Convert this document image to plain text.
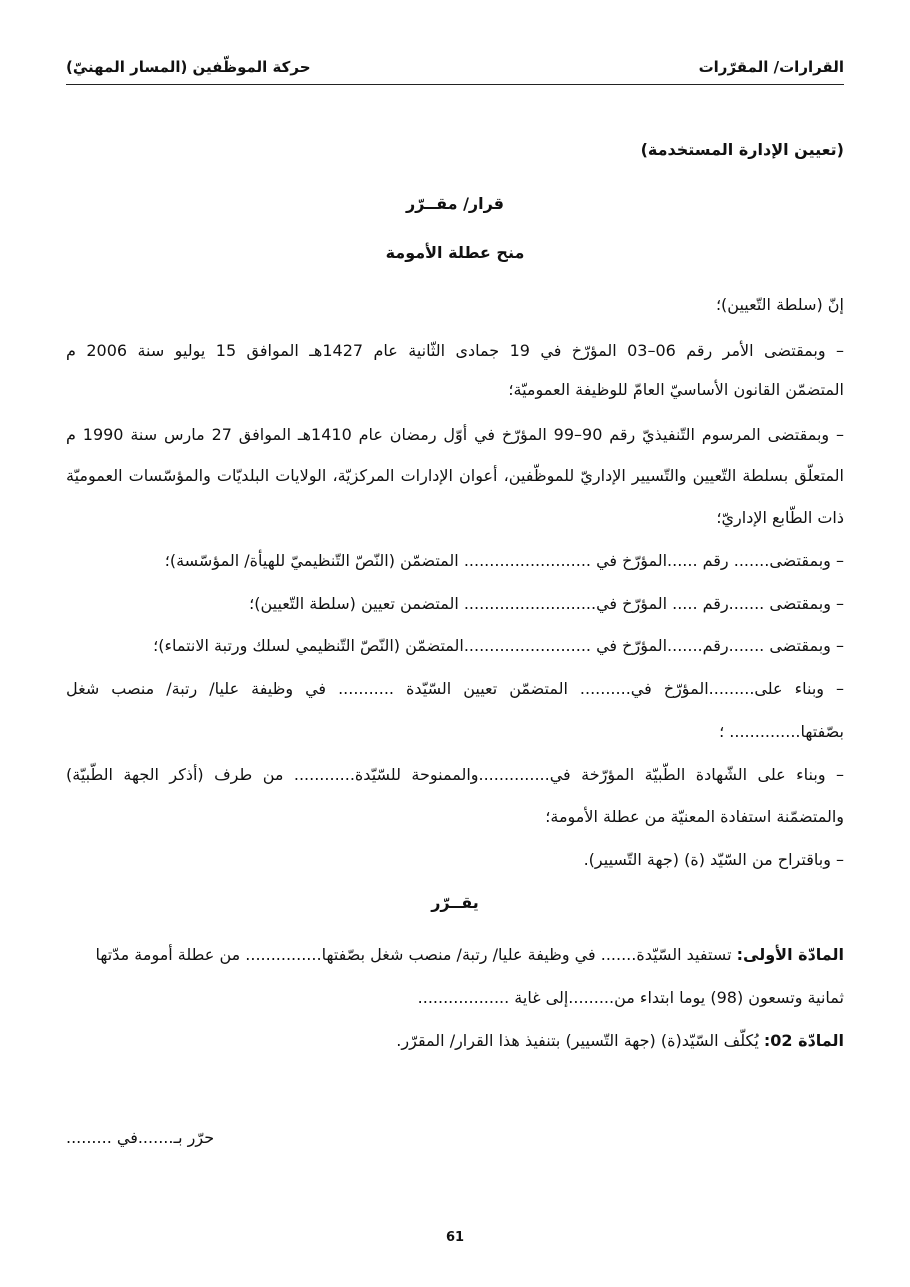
القرارات/ المقرّرات
حركة الموظّفين (المسار المهنيّ)
(تعيين الإدارة المستخدمة)
قرار/ مقــرّر
منح عطلة الأمومة
إنّ (سلطة التّعيين)؛
– وبمقتضى الأمر رقم 06–03 المؤرّخ في 19 جمادى الثّانية عام 1427هـ الموافق 15 يوليو سنة 2006 م
المتضمّن القانون الأساسيّ العامّ للوظيفة العموميّة؛
– وبمقتضى المرسوم التّنفيذيّ رقم 90–99 المؤرّخ في أوّل رمضان عام 1410هـ الموافق 27 مارس سنة 1990 م
المتعلّق بسلطة التّعيين والتّسيير الإداريّ للموظّفين، أعوان الإدارات المركزيّة، الولايات البلديّات والمؤسّسات العموميّة
ذات الطّابع الإداريّ؛
– وبمقتضى....... رقم ......المؤرّخ في ......................... المتضمّن (النّصّ التّنظيميّ للهيأة/ المؤسّسة)؛
– وبمقتضى .......رقم ..... المؤرّخ في.......................... المتضمن تعيين (سلطة التّعيين)؛
– وبمقتضى .......رقم.......المؤرّخ في .........................المتضمّن (النّصّ التّنظيمي لسلك ورتبة الانتماء)؛
– وبناء على.........المؤرّخ في.......... المتضمّن تعيين السّيّدة ........... في وظيفة عليا/ رتبة/ منصب شغل
بصّفتها.............. ؛
– وبناء على الشّهادة الطّبيّة المؤرّخة في..............والممنوحة للسّيّدة............ من طرف (أذكر الجهة الطّبيّة)
والمتضمّنة استفادة المعنيّة من عطلة الأمومة؛
– وباقتراح من السّيّد (ة) (جهة التّسيير).
يقــرّر
المادّة الأولى: تستفيد السّيّدة....... في وظيفة عليا/ رتبة/ منصب شغل بصّفتها............... من عطلة أمومة مدّتها
ثمانية وتسعون (98) يوما ابتداء من.........إلى غاية ..................
المادّة 02: يُكلّف السّيّد(ة) (جهة التّسيير) بتنفيذ هذا القرار/ المقرّر.
حرّر بـ.......في .........
61
